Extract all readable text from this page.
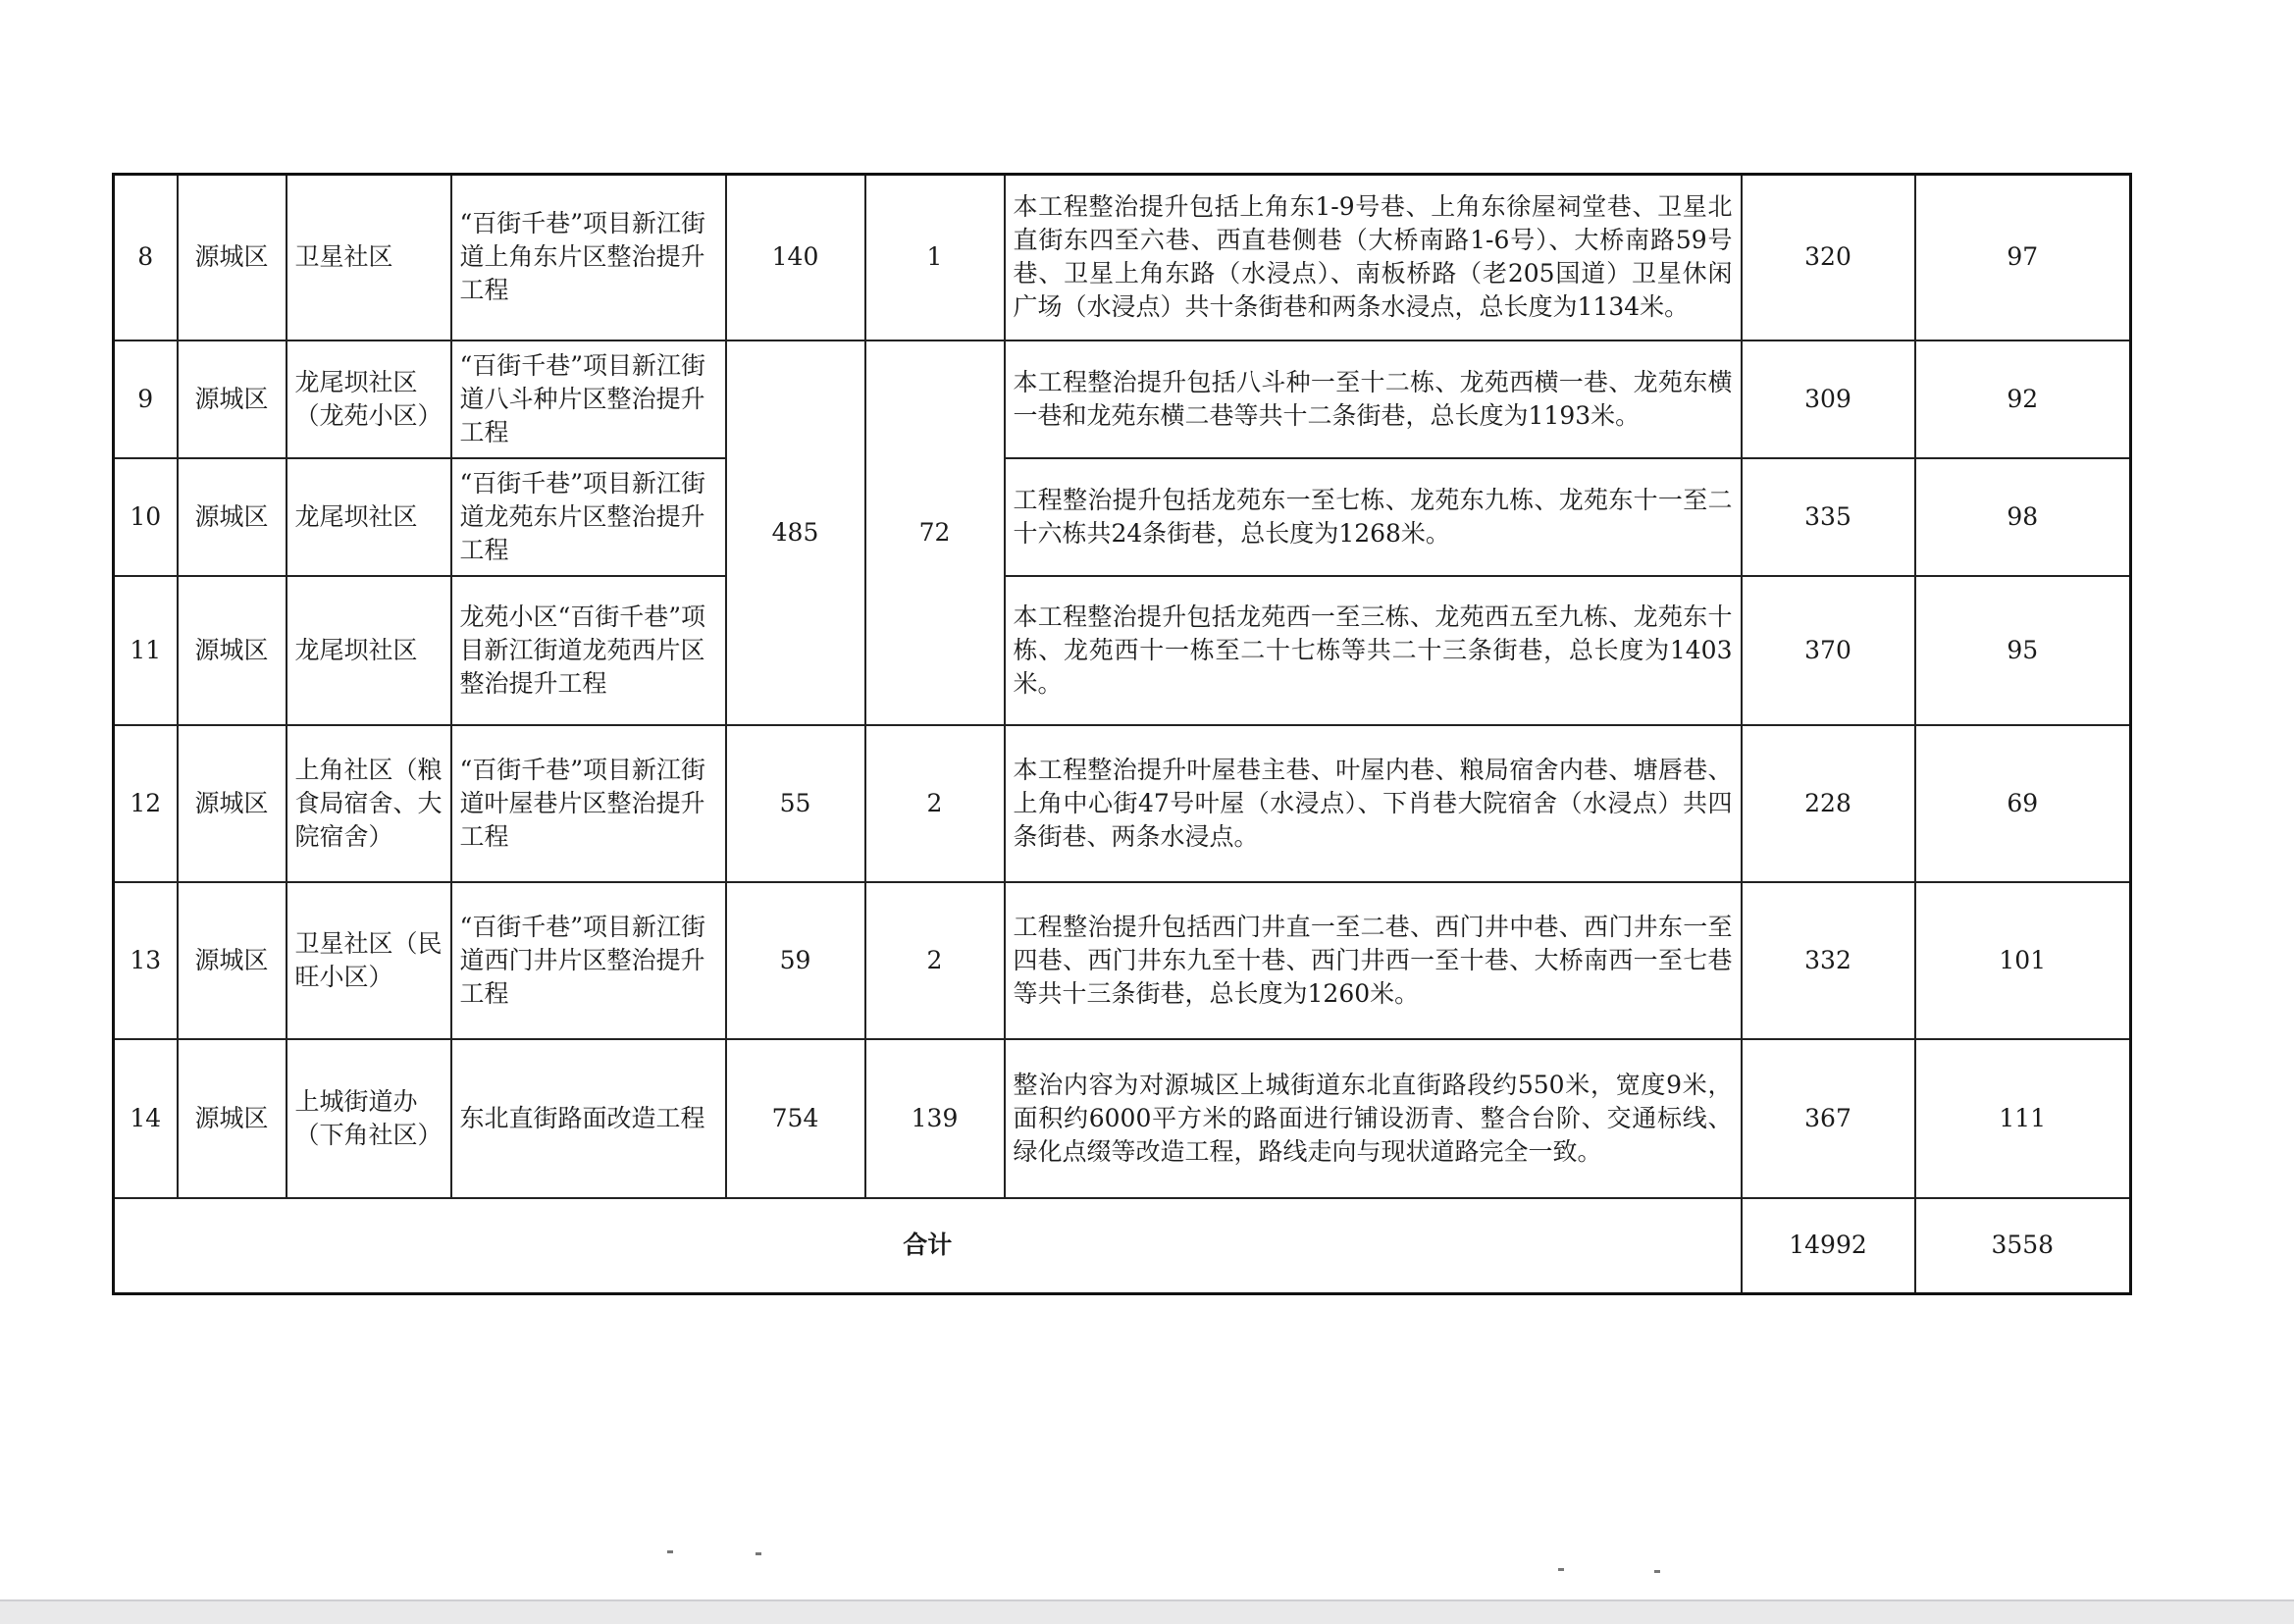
8	源城区	卫星社区	“百街千巷”项目新江街道上角东片区整治提升工程	140	1	本工程整治提升包括上角东1-9号巷、上角东徐屋祠堂巷、卫星北直街东四至六巷、西直巷侧巷（大桥南路1-6号）、大桥南路59号巷、卫星上角东路（水浸点）、南板桥路（老205国道）卫星休闲广场（水浸点）共十条街巷和两条水浸点，总长度为1134米。	320	97
9	源城区	龙尾坝社区（龙苑小区）	“百街千巷”项目新江街道八斗种片区整治提升工程	485	72	本工程整治提升包括八斗种一至十二栋、龙苑西横一巷、龙苑东横一巷和龙苑东横二巷等共十二条街巷，总长度为1193米。	309	92
10	源城区	龙尾坝社区	“百街千巷”项目新江街道龙苑东片区整治提升工程			工程整治提升包括龙苑东一至七栋、龙苑东九栋、龙苑东十一至二十六栋共24条街巷，总长度为1268米。	335	98
11	源城区	龙尾坝社区	龙苑小区“百街千巷”项目新江街道龙苑西片区整治提升工程			本工程整治提升包括龙苑西一至三栋、龙苑西五至九栋、龙苑东十栋、龙苑西十一栋至二十七栋等共二十三条街巷，总长度为1403米。	370	95
12	源城区	上角社区（粮食局宿舍、大院宿舍）	“百街千巷”项目新江街道叶屋巷片区整治提升工程	55	2	本工程整治提升叶屋巷主巷、叶屋内巷、粮局宿舍内巷、塘唇巷、上角中心街47号叶屋（水浸点）、下肖巷大院宿舍（水浸点）共四条街巷、两条水浸点。	228	69
13	源城区	卫星社区（民旺小区）	“百街千巷”项目新江街道西门井片区整治提升工程	59	2	工程整治提升包括西门井直一至二巷、西门井中巷、西门井东一至四巷、西门井东九至十巷、西门井西一至十巷、大桥南西一至七巷等共十三条街巷，总长度为1260米。	332	101
14	源城区	上城街道办（下角社区）	东北直街路面改造工程	754	139	整治内容为对源城区上城街道东北直街路段约550米，宽度9米，面积约6000平方米的路面进行铺设沥青、整合台阶、交通标线、绿化点缀等改造工程，路线走向与现状道路完全一致。	367	111
合计							14992	3558
